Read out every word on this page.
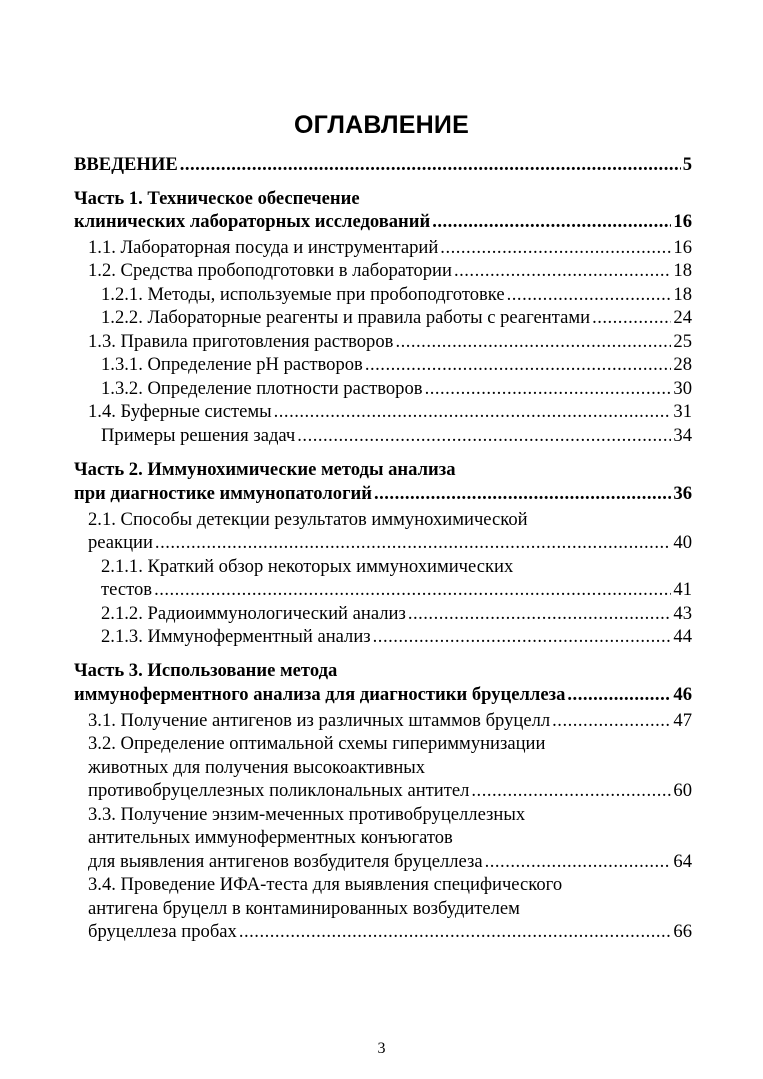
ОГЛАВЛЕНИЕ
ВВЕДЕНИЕ .....	5
Часть 1. Техническое обеспечение
клинических лабораторных исследований .....	16
1.1. Лабораторная посуда и инструментарий .....	16
1.2. Средства пробоподготовки в лаборатории .....	18
1.2.1. Методы, используемые при пробоподготовке .....	18
1.2.2. Лабораторные реагенты и правила работы с реагентами .....	24
1.3. Правила приготовления растворов .....	25
1.3.1. Определение рН растворов .....	28
1.3.2. Определение плотности растворов .....	30
1.4. Буферные системы .....	31
Примеры решения задач .....	34
Часть 2. Иммунохимические методы анализа
при диагностике иммунопатологий .....	36
2.1. Способы детекции результатов иммунохимической
реакции .....	40
2.1.1. Краткий обзор некоторых иммунохимических
тестов .....	41
2.1.2. Радиоиммунологический анализ .....	43
2.1.3. Иммуноферментный анализ .....	44
Часть 3. Использование метода
иммуноферментного анализа для диагностики бруцеллеза .....	46
3.1. Получение антигенов из различных штаммов бруцелл .....	47
3.2. Определение оптимальной схемы гипериммунизации
животных для получения высокоактивных
противобруцеллезных поликлональных антител .....	60
3.3. Получение энзим-меченных противобруцеллезных
антительных иммуноферментных конъюгатов
для выявления антигенов возбудителя бруцеллеза .....	64
3.4. Проведение ИФА-теста для выявления специфического
антигена бруцелл в контаминированных возбудителем
бруцеллеза пробах .....	66
3
